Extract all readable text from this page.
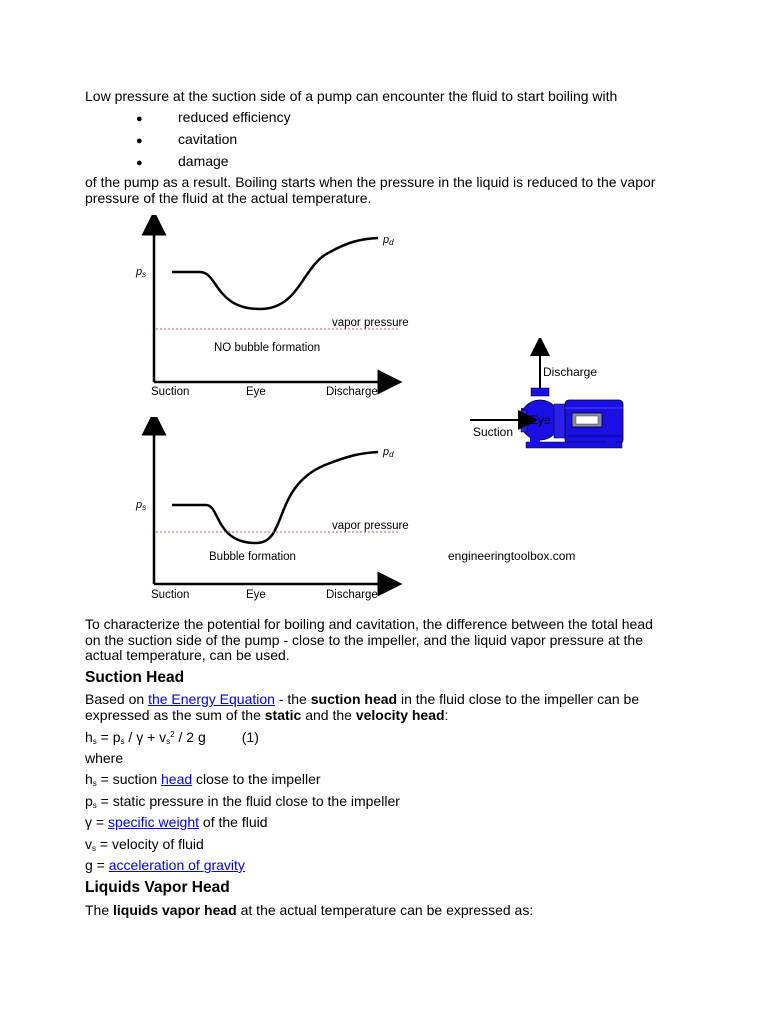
Low pressure at the suction side of a pump can encounter the fluid to start boiling with
●	reduced efficiency
●	cavitation
●	damage
of the pump as a result. Boiling starts when the pressure in the liquid is reduced to the vapor
pressure of the fluid at the actual temperature.
ps
pd
vapor pressure
NO bubble formation
Suction	Eye	Discharge
ps
pd
vapor pressure
Bubble formation
Suction	Eye	Discharge
Discharge
Eye
Suction
engineeringtoolbox.com
To characterize the potential for boiling and cavitation, the difference between the total head
on the suction side of the pump - close to the impeller, and the liquid vapor pressure at the
actual temperature, can be used.
Suction Head
Based on the Energy Equation - the suction head in the fluid close to the impeller can be
expressed as the sum of the static and the velocity head:
$h_s = p_s / \gamma + v_s^2 / 2$ g	(1)
where
$h_s$ = suction head close to the impeller
$p_s$ = static pressure in the fluid close to the impeller
γ = specific weight of the fluid
$v_s$ = velocity of fluid
g = acceleration of gravity
Liquids Vapor Head
The liquids vapor head at the actual temperature can be expressed as:
